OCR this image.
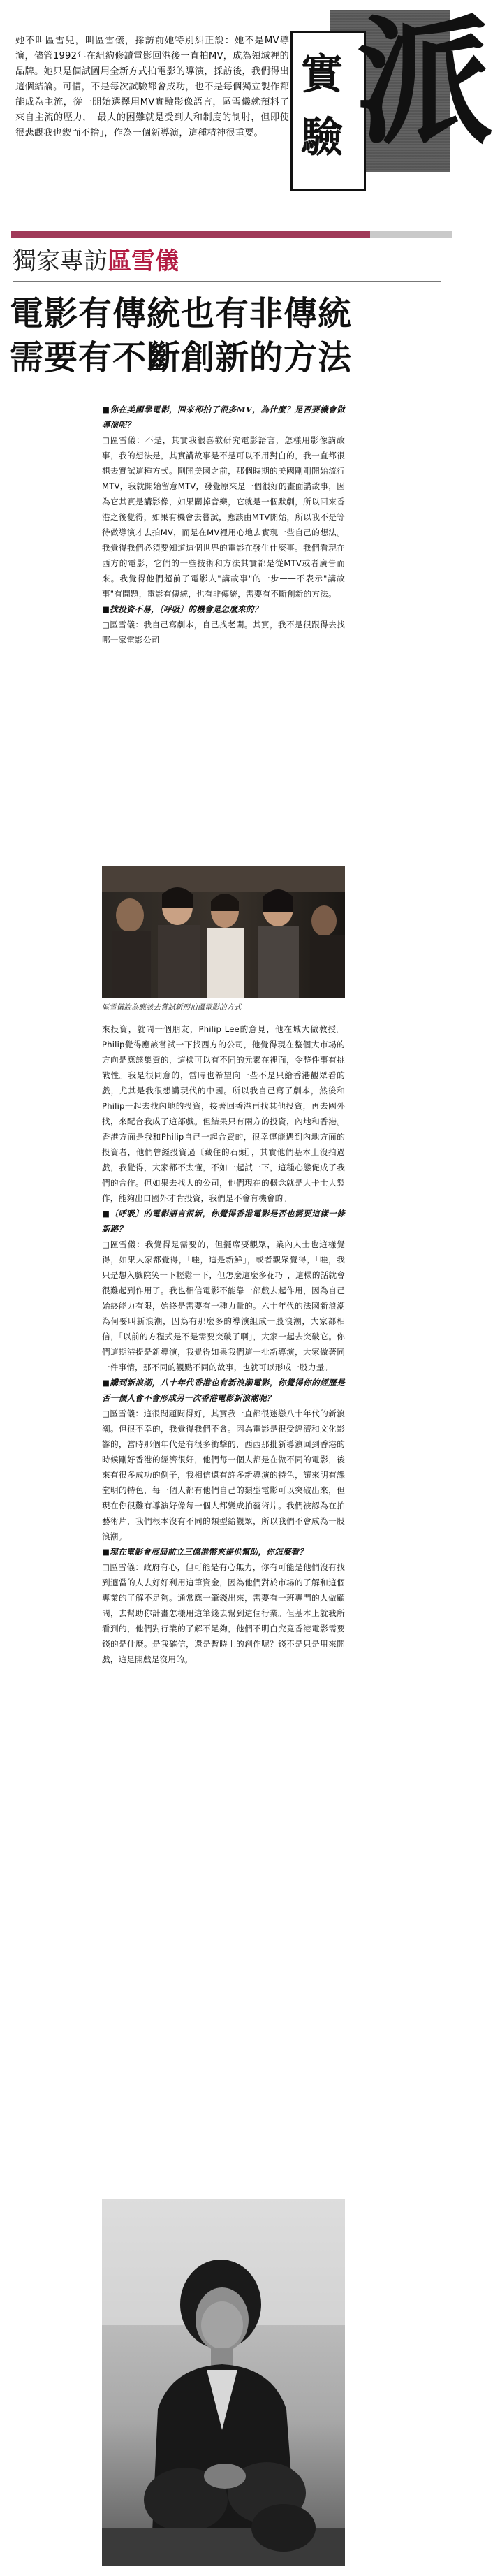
她不叫區雪兒，叫區雪儀，採訪前她特別糾正說：她不是MV導演，儘管1992年在紐約修讀電影回港後一直拍MV，成為領域裡的品牌。她只是個試圖用全新方式拍電影的導演，採訪後，我們得出這個結論。可惜，不是每次試驗都會成功，也不是每個獨立製作都能成為主流，從一開始選擇用MV實驗影像語言，區雪儀就預料了來自主流的壓力，「最大的困難就是受到人和制度的制肘，但即使很悲觀我也鍥而不捨」，作為一個新導演，這種精神很重要。

實
驗 派
獨家專訪區雪儀
電影有傳統也有非傳統
需要有不斷創新的方法

■你在美國學電影，回來卻拍了很多MV，為什麼？是否要機會做導演呢？

□區雪儀：不是，其實我很喜歡研究電影語言，怎樣用影像講故事，我的想法是，其實講故事是不是可以不用對白的，我一直都很想去實試這種方式。剛開美國之前，那個時期的美國剛剛開始流行MTV，我就開始留意MTV，發覺原來是一個很好的畫面講故事，因為它其實是講影像，如果關掉音樂，它就是一個默劇，所以回來香港之後覺得，如果有機會去嘗試，應該由MTV開始，所以我不是等待做導演才去拍MV，而是在MV裡用心地去實現一些自己的想法。我覺得我們必須要知道這個世界的電影在發生什麼事。我們看現在西方的電影，它們的一些技術和方法其實都是從MTV或者廣告而來。我覺得他們超前了電影人"講故事"的一步——不表示"講故事"有問題，電影有傳統，也有非傳統，需要有不斷創新的方法。

■找投資不易，〔呼吸〕的機會是怎麼來的？

□區雪儀：我自己寫劇本，自己找老闆。其實，我不是很跟得去找哪一家電影公司

區雪儀說為應該去嘗試新形拍攝電影的方式

來投資，就問一個朋友，Philip Lee的意見，他在城大做教授。Philip覺得應該嘗試一下找西方的公司，他覺得現在整個大市場的方向是應該集資的，這樣可以有不同的元素在裡面，令整件事有挑戰性。我是很同意的，當時也希望向一些不是只給香港觀眾看的戲，尤其是我很想講現代的中國。所以我自己寫了劇本，然後和Philip一起去找內地的投資，接著回香港再找其他投資，再去國外找，來配合我成了這部戲。但結果只有兩方的投資，內地和香港。香港方面是我和Philip自己一起合資的，很幸運能遇到內地方面的投資者，他們曾經投資過〔藏住的石頭〕，其實他們基本上沒拍過戲，我覺得，大家都不太懂，不如一起試一下，這種心態促成了我們的合作。但如果去找大的公司，他們現在的概念就是大卡士大製作，能夠出口國外才肯投資，我們是不會有機會的。

■〔呼吸〕的電影語言很新，你覺得香港電影是否也需要這樣一條新路？

□區雪儀：我覺得是需要的，但擺席要觀眾，業內人士也這樣覺得，如果大家都覺得，「哇，這是新鮮」，或者觀眾覺得，「哇，我只是想入戲院笑一下輕鬆一下，但怎麼這麼多花巧」，這樣的話就會很難起到作用了。我也相信電影不能靠一部戲去起作用，因為自己始終能力有限，始終是需要有一種力量的。六十年代的法國新浪潮為何要叫新浪潮，因為有那麼多的導演組成一股浪潮，大家都相信，「以前的方程式是不是需要突破了啊」，大家一起去突破它。你們這期港提是新導演，我覺得如果我們這一批新導演，大家做著同一件事情，那不同的觀點不同的故事，也就可以形成一股力量。

■講到新浪潮，八十年代香港也有新浪潮電影，你覺得你的經歷是否一個人會不會形成另一次香港電影新浪潮呢？

□區雪儀：這很問題問得好，其實我一直都很迷戀八十年代的新浪潮。但很不幸的，我覺得我們不會。因為電影是很受經濟和文化影響的，當時那個年代是有很多衝擊的，西西那批新導演回到香港的時候剛好香港的經濟很好，他們每一個人都是在做不同的電影，後來有很多成功的例子，我相信還有許多新導演的特色，讓來明有課堂明的特色，每一個人都有他們自己的類型電影可以突破出來，但現在你很難有導演好像每一個人都變成拍藝術片。我們被認為在拍藝術片，我們根本沒有不同的類型給觀眾，所以我們不會成為一股浪潮。

■現在電影會展局前立三億港幣來提供幫助，你怎麼看？

□區雪儀：政府有心，但可能是有心無力，你有可能是他們沒有找到適當的人去好好利用這筆資金，因為他們對於市場的了解和這個專業的了解不足夠。通常應一筆錢出來，需要有一班專門的人做顧問，去幫助你計畫怎樣用這筆錢去幫到這個行業。但基本上就我所看到的，他們對行業的了解不足夠，他們不明白究竟香港電影需要錢的是什麼。是我確信，還是暫時上的創作呢？錢不是只是用來開戲，這是開戲是沒用的。
